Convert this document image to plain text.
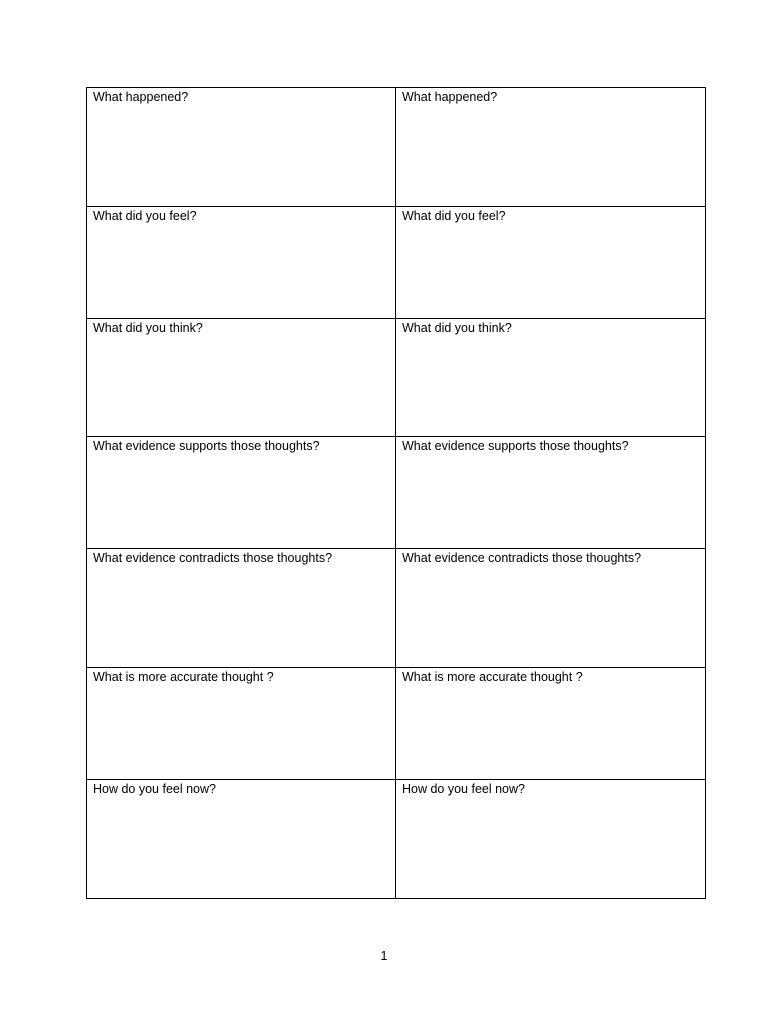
What happened?	What happened?
What did you feel?	What did you feel?
What did you think?	What did you think?
What evidence supports those thoughts?	What evidence supports those thoughts?
What evidence contradicts those thoughts?	What evidence contradicts those thoughts?
What is more accurate thought ?	What is more accurate thought ?
How do you feel now?	How do you feel now?
1
